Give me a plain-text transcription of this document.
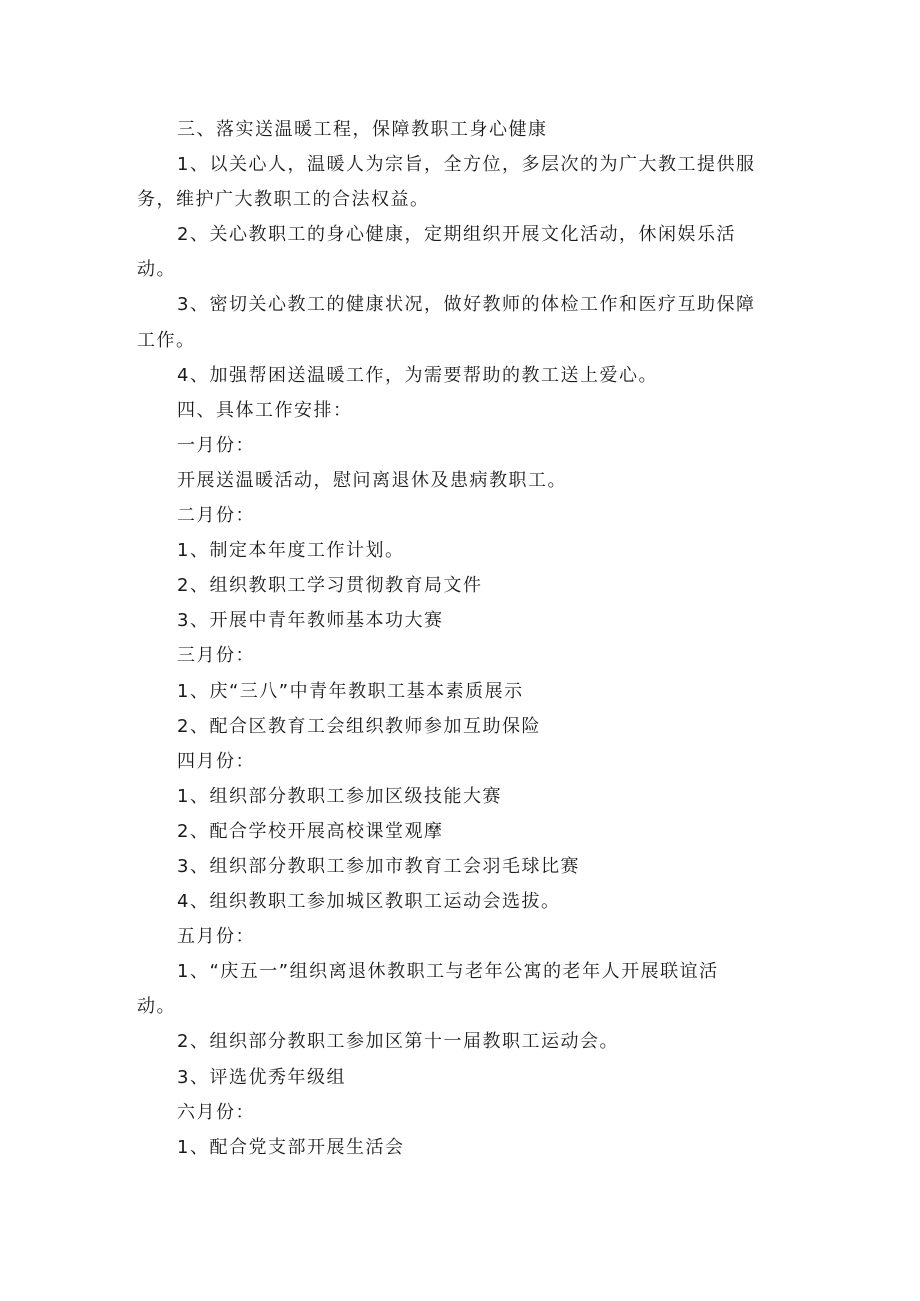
三、落实送温暖工程，保障教职工身心健康
1、以关心人，温暖人为宗旨，全方位，多层次的为广大教工提供服
务，维护广大教职工的合法权益。
2、关心教职工的身心健康，定期组织开展文化活动，休闲娱乐活
动。
3、密切关心教工的健康状况，做好教师的体检工作和医疗互助保障
工作。
4、加强帮困送温暖工作，为需要帮助的教工送上爱心。
四、具体工作安排：
一月份：
开展送温暖活动，慰问离退休及患病教职工。
二月份：
1、制定本年度工作计划。
2、组织教职工学习贯彻教育局文件
3、开展中青年教师基本功大赛
三月份：
1、庆“三八”中青年教职工基本素质展示
2、配合区教育工会组织教师参加互助保险
四月份：
1、组织部分教职工参加区级技能大赛
2、配合学校开展高校课堂观摩
3、组织部分教职工参加市教育工会羽毛球比赛
4、组织教职工参加城区教职工运动会选拔。
五月份：
1、“庆五一”组织离退休教职工与老年公寓的老年人开展联谊活
动。
2、组织部分教职工参加区第十一届教职工运动会。
3、评选优秀年级组
六月份：
1、配合党支部开展生活会
